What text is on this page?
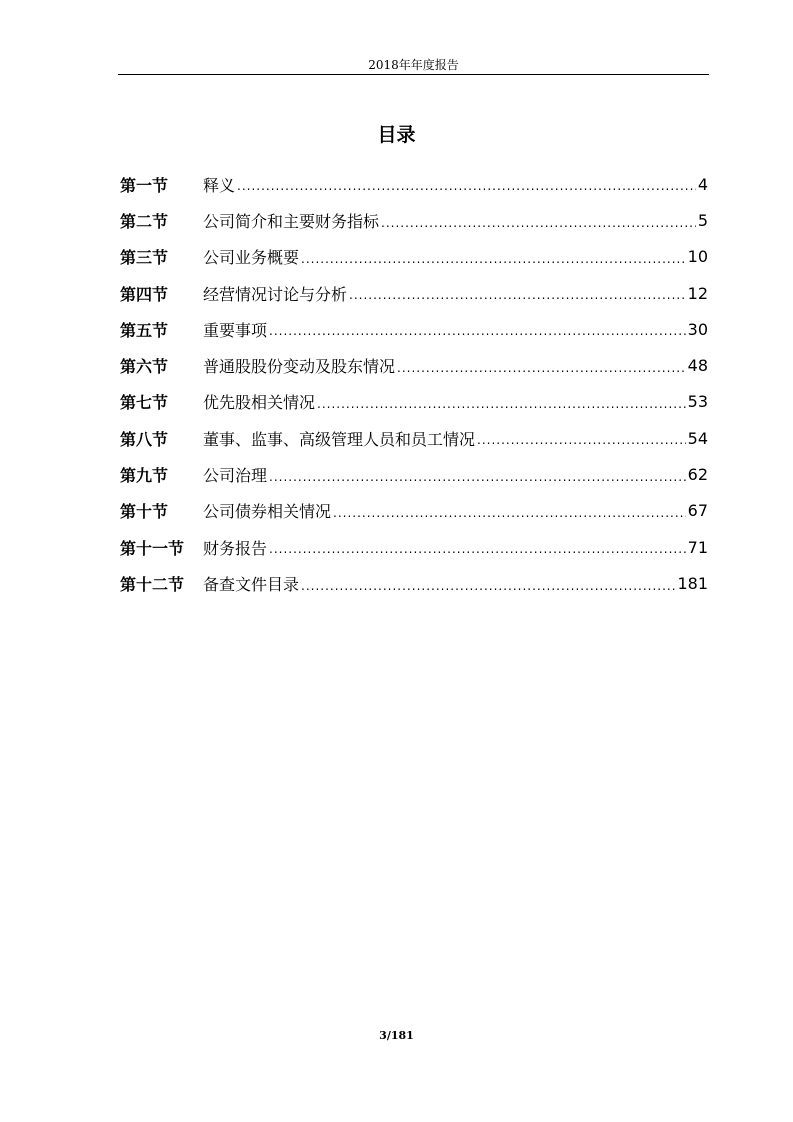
2018年年度报告
目录
第一节	释义 .....	4
第二节	公司简介和主要财务指标 .....	5
第三节	公司业务概要 .....	10
第四节	经营情况讨论与分析 .....	12
第五节	重要事项 .....	30
第六节	普通股股份变动及股东情况 .....	48
第七节	优先股相关情况 .....	53
第八节	董事、监事、高级管理人员和员工情况 .....	54
第九节	公司治理 .....	62
第十节	公司债券相关情况 .....	67
第十一节	财务报告 .....	71
第十二节	备查文件目录 .....	181
3/181
